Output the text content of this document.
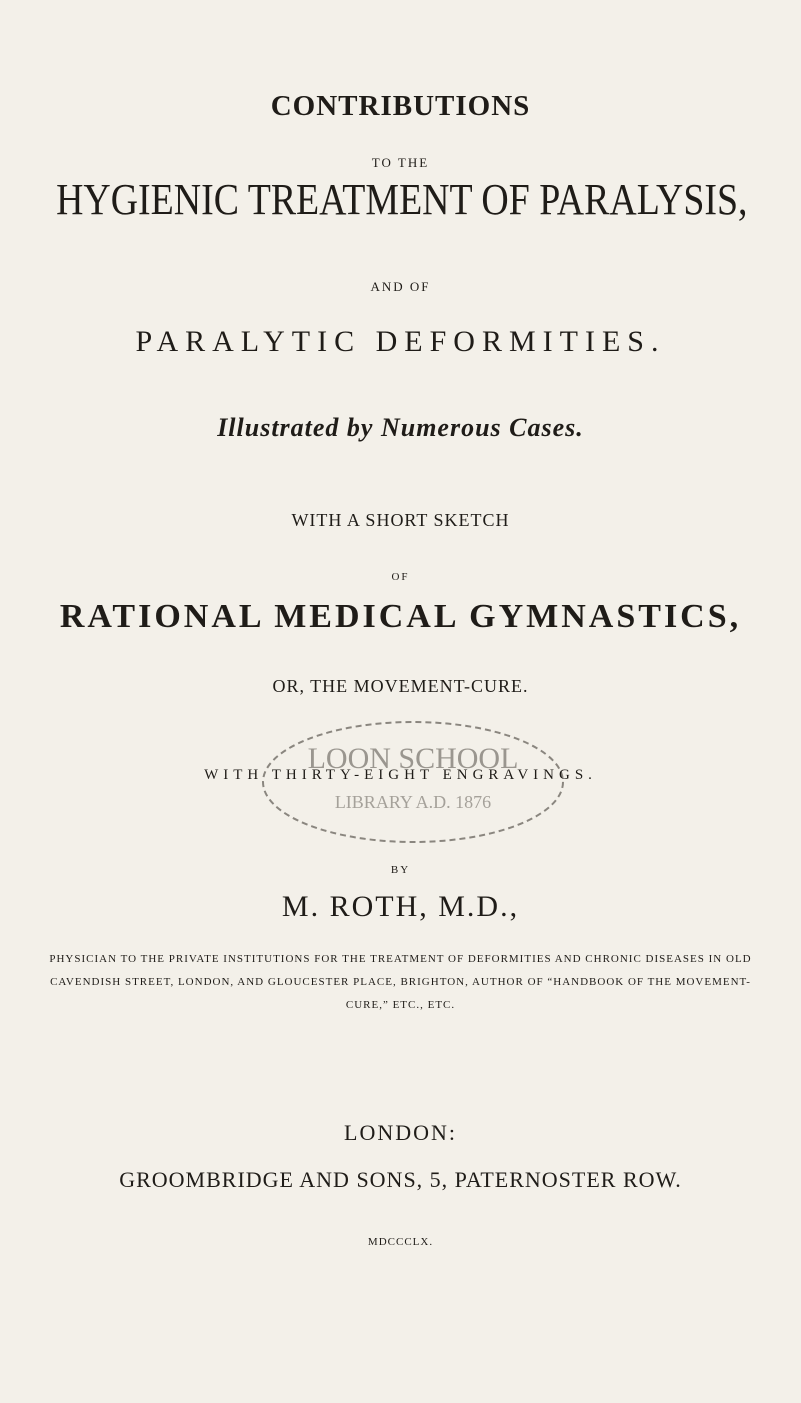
CONTRIBUTIONS
TO THE
HYGIENIC TREATMENT OF PARALYSIS,
AND OF
PARALYTIC DEFORMITIES.
Illustrated by Numerous Cases.
WITH A SHORT SKETCH
OF
RATIONAL MEDICAL GYMNASTICS,
OR, THE MOVEMENT-CURE.
LOON SCHOOL
LIBRARY A.D. 1876
WITH THIRTY-EIGHT ENGRAVINGS.
BY
M. ROTH, M.D.,
PHYSICIAN TO THE PRIVATE INSTITUTIONS FOR THE TREATMENT OF DEFORMITIES AND CHRONIC DISEASES IN OLD CAVENDISH STREET, LONDON, AND GLOUCESTER PLACE, BRIGHTON, AUTHOR OF “HANDBOOK OF THE MOVEMENT-CURE,” ETC., ETC.
LONDON:
GROOMBRIDGE AND SONS, 5, PATERNOSTER ROW.
MDCCCLX.
